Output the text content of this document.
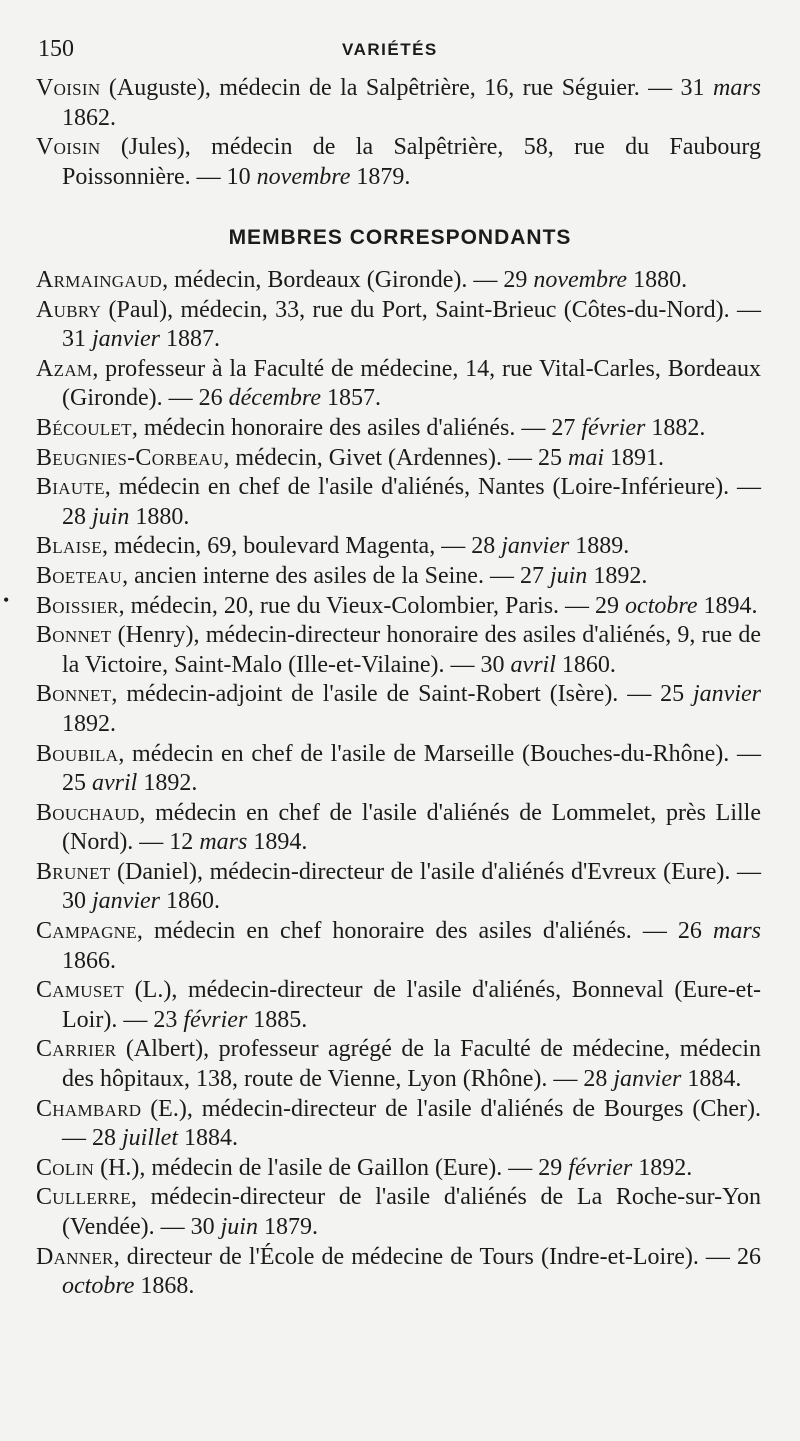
150	VARIÉTÉS

Voisin (Auguste), médecin de la Salpêtrière, 16, rue Séguier. — 31 mars 1862.

Voisin (Jules), médecin de la Salpêtrière, 58, rue du Faubourg Poissonnière. — 10 novembre 1879.

MEMBRES CORRESPONDANTS

Armaingaud, médecin, Bordeaux (Gironde). — 29 novembre 1880.

Aubry (Paul), médecin, 33, rue du Port, Saint-Brieuc (Côtes-du-Nord). — 31 janvier 1887.

Azam, professeur à la Faculté de médecine, 14, rue Vital-Carles, Bordeaux (Gironde). — 26 décembre 1857.

Bécoulet, médecin honoraire des asiles d'aliénés. — 27 février 1882.

Beugnies-Corbeau, médecin, Givet (Ardennes). — 25 mai 1891.

Biaute, médecin en chef de l'asile d'aliénés, Nantes (Loire-Inférieure). — 28 juin 1880.

Blaise, médecin, 69, boulevard Magenta, — 28 janvier 1889.

Boeteau, ancien interne des asiles de la Seine. — 27 juin 1892.

Boissier, médecin, 20, rue du Vieux-Colombier, Paris. — 29 octobre 1894.

Bonnet (Henry), médecin-directeur honoraire des asiles d'aliénés, 9, rue de la Victoire, Saint-Malo (Ille-et-Vilaine). — 30 avril 1860.

Bonnet, médecin-adjoint de l'asile de Saint-Robert (Isère). — 25 janvier 1892.

Boubila, médecin en chef de l'asile de Marseille (Bouches-du-Rhône). — 25 avril 1892.

Bouchaud, médecin en chef de l'asile d'aliénés de Lommelet, près Lille (Nord). — 12 mars 1894.

Brunet (Daniel), médecin-directeur de l'asile d'aliénés d'Evreux (Eure). — 30 janvier 1860.

Campagne, médecin en chef honoraire des asiles d'aliénés. — 26 mars 1866.

Camuset (L.), médecin-directeur de l'asile d'aliénés, Bonneval (Eure-et-Loir). — 23 février 1885.

Carrier (Albert), professeur agrégé de la Faculté de médecine, médecin des hôpitaux, 138, route de Vienne, Lyon (Rhône). — 28 janvier 1884.

Chambard (E.), médecin-directeur de l'asile d'aliénés de Bourges (Cher). — 28 juillet 1884.

Colin (H.), médecin de l'asile de Gaillon (Eure). — 29 février 1892.

Cullerre, médecin-directeur de l'asile d'aliénés de La Roche-sur-Yon (Vendée). — 30 juin 1879.

Danner, directeur de l'École de médecine de Tours (Indre-et-Loire). — 26 octobre 1868.

•
